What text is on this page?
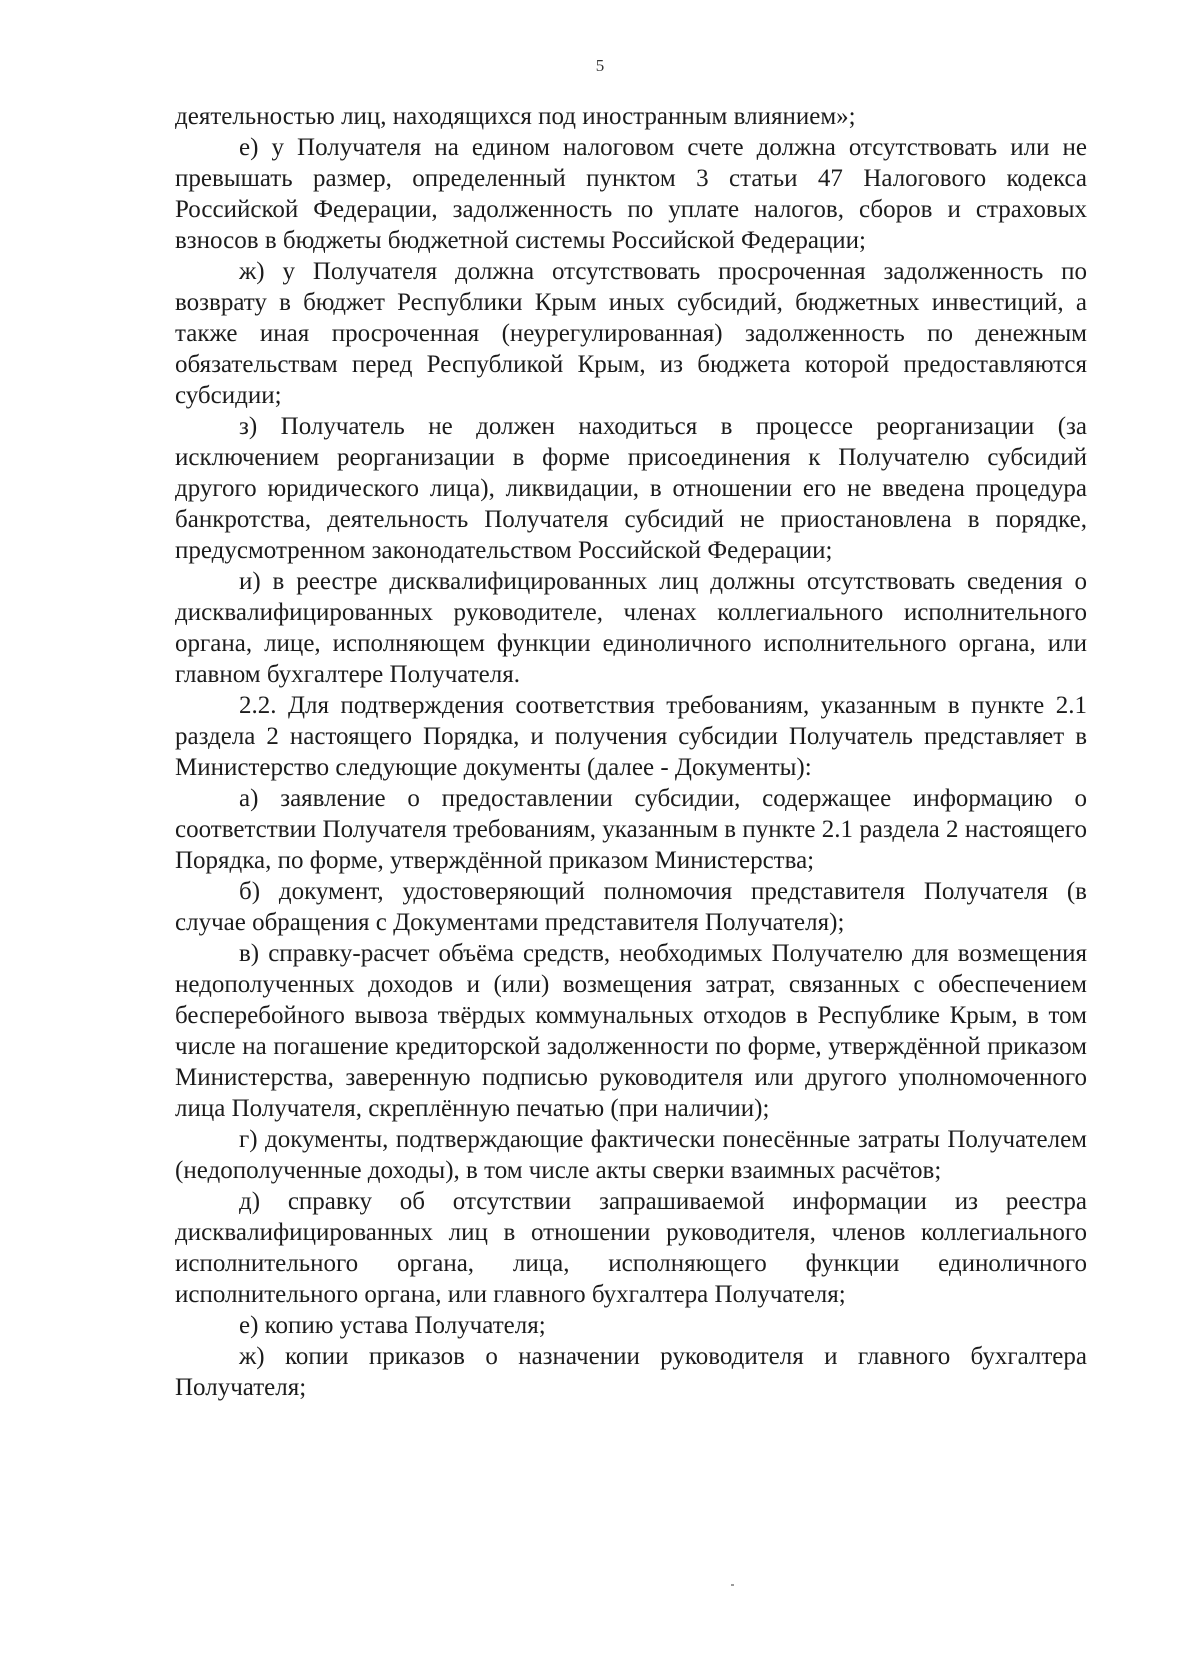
5

деятельностью лиц, находящихся под иностранным влиянием»;

е) у Получателя на едином налоговом счете должна отсутствовать или не превышать размер, определенный пунктом 3 статьи 47 Налогового кодекса Российской Федерации, задолженность по уплате налогов, сборов и страховых взносов в бюджеты бюджетной системы Российской Федерации;

ж) у Получателя должна отсутствовать просроченная задолженность по возврату в бюджет Республики Крым иных субсидий, бюджетных инвестиций, а также иная просроченная (неурегулированная) задолженность по денежным обязательствам перед Республикой Крым, из бюджета которой предоставляются субсидии;

з) Получатель не должен находиться в процессе реорганизации (за исключением реорганизации в форме присоединения к Получателю субсидий другого юридического лица), ликвидации, в отношении его не введена процедура банкротства, деятельность Получателя субсидий не приостановлена в порядке, предусмотренном законодательством Российской Федерации;

и) в реестре дисквалифицированных лиц должны отсутствовать сведения о дисквалифицированных руководителе, членах коллегиального исполнительного органа, лице, исполняющем функции единоличного исполнительного органа, или главном бухгалтере Получателя.

2.2. Для подтверждения соответствия требованиям, указанным в пункте 2.1 раздела 2 настоящего Порядка, и получения субсидии Получатель представляет в Министерство следующие документы (далее - Документы):

а) заявление о предоставлении субсидии, содержащее информацию о соответствии Получателя требованиям, указанным в пункте 2.1 раздела 2 настоящего Порядка, по форме, утверждённой приказом Министерства;

б) документ, удостоверяющий полномочия представителя Получателя (в случае обращения с Документами представителя Получателя);

в) справку-расчет объёма средств, необходимых Получателю для возмещения недополученных доходов и (или) возмещения затрат, связанных с обеспечением бесперебойного вывоза твёрдых коммунальных отходов в Республике Крым, в том числе на погашение кредиторской задолженности по форме, утверждённой приказом Министерства, заверенную подписью руководителя или другого уполномоченного лица Получателя, скреплённую печатью (при наличии);

г) документы, подтверждающие фактически понесённые затраты Получателем (недополученные доходы), в том числе акты сверки взаимных расчётов;

д) справку об отсутствии запрашиваемой информации из реестра дисквалифицированных лиц в отношении руководителя, членов коллегиального исполнительного органа, лица, исполняющего функции единоличного исполнительного органа, или главного бухгалтера Получателя;

е) копию устава Получателя;

ж) копии приказов о назначении руководителя и главного бухгалтера Получателя;
